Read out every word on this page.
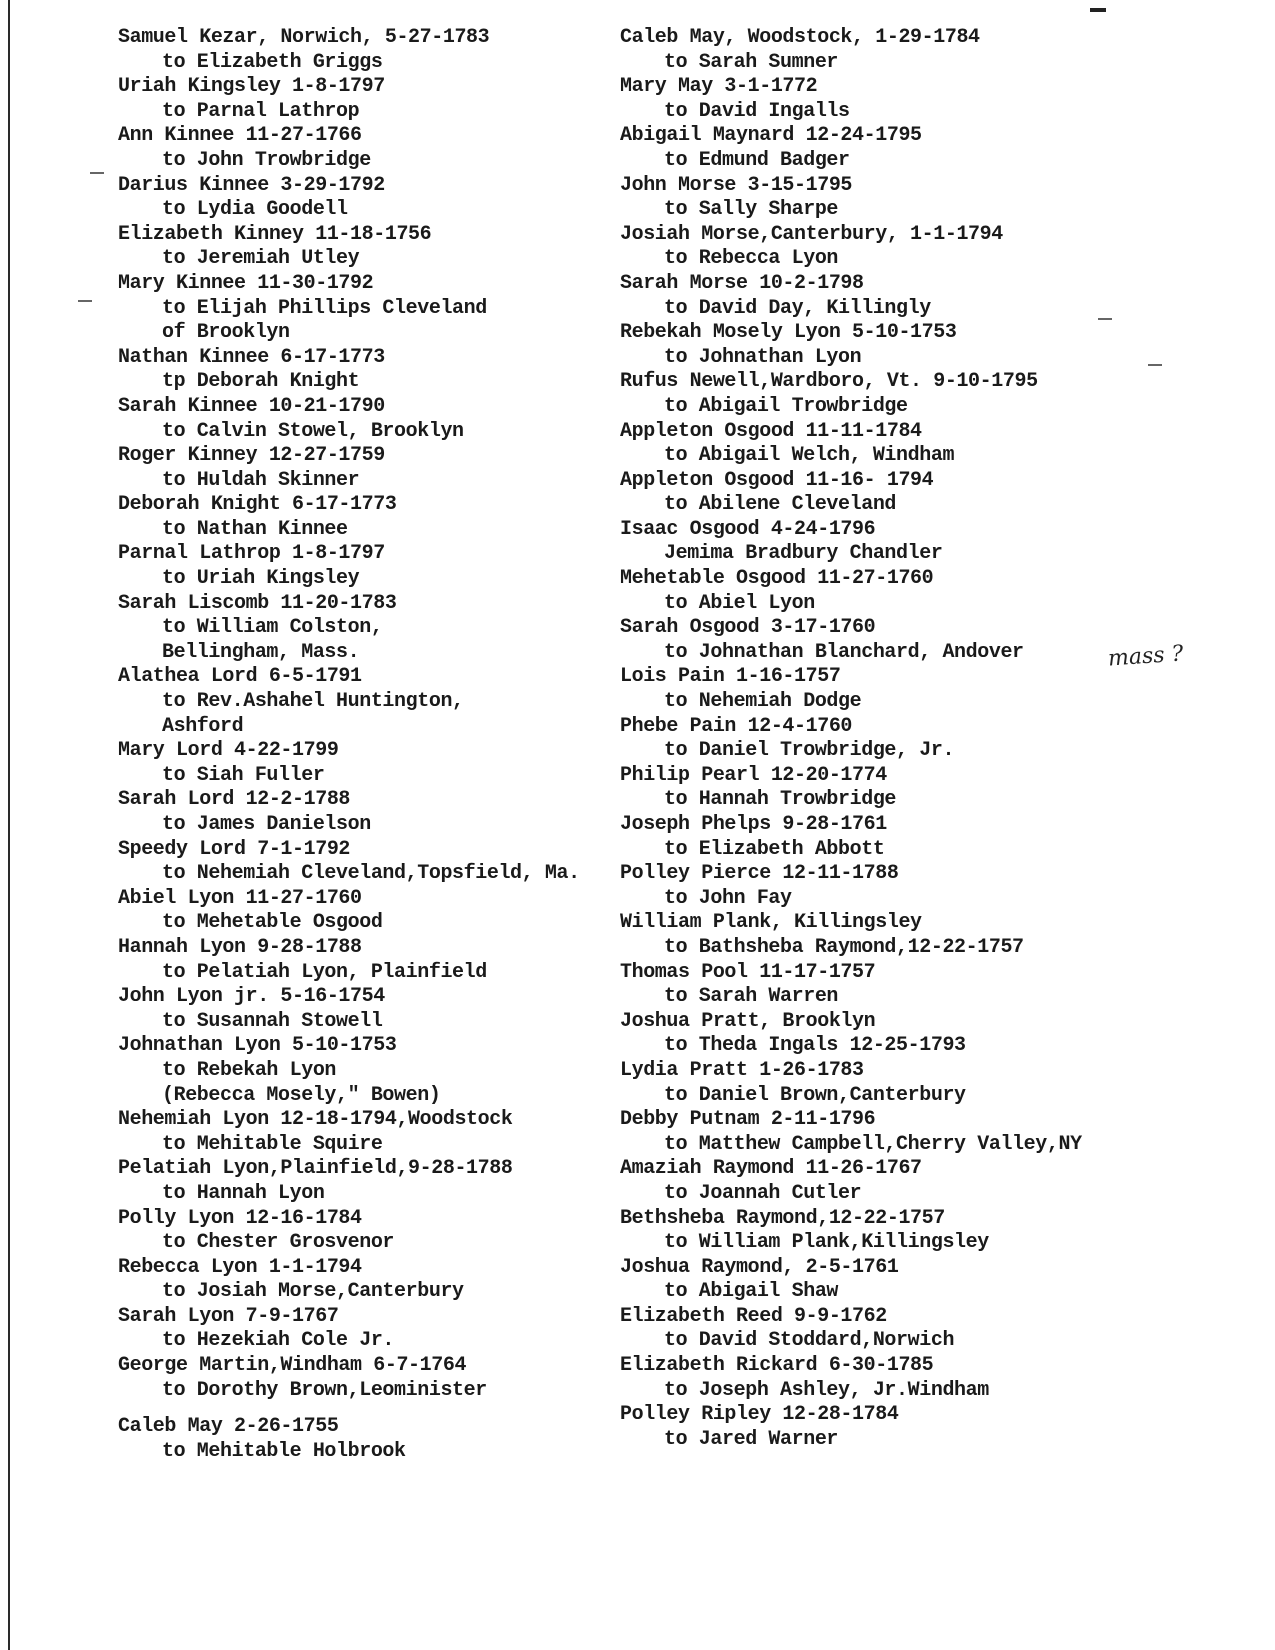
Samuel Kezar, Norwich, 5-27-1783
to Elizabeth Griggs
Uriah Kingsley 1-8-1797
to Parnal Lathrop
Ann Kinnee 11-27-1766
to John Trowbridge
Darius Kinnee 3-29-1792
to Lydia Goodell
Elizabeth Kinney 11-18-1756
to Jeremiah Utley
Mary Kinnee 11-30-1792
to Elijah Phillips Cleveland
of Brooklyn
Nathan Kinnee 6-17-1773
tp Deborah Knight
Sarah Kinnee 10-21-1790
to Calvin Stowel, Brooklyn
Roger Kinney 12-27-1759
to Huldah Skinner
Deborah Knight 6-17-1773
to Nathan Kinnee
Parnal Lathrop 1-8-1797
to Uriah Kingsley
Sarah Liscomb 11-20-1783
to William Colston,
Bellingham, Mass.
Alathea Lord 6-5-1791
to Rev.Ashahel Huntington,
Ashford
Mary Lord 4-22-1799
to Siah Fuller
Sarah Lord 12-2-1788
to James Danielson
Speedy Lord 7-1-1792
to Nehemiah Cleveland,Topsfield, Ma.
Abiel Lyon 11-27-1760
to Mehetable Osgood
Hannah Lyon 9-28-1788
to Pelatiah Lyon, Plainfield
John Lyon jr. 5-16-1754
to Susannah Stowell
Johnathan Lyon 5-10-1753
to Rebekah Lyon
(Rebecca Mosely," Bowen)
Nehemiah Lyon 12-18-1794,Woodstock
to Mehitable Squire
Pelatiah Lyon,Plainfield,9-28-1788
to Hannah Lyon
Polly Lyon 12-16-1784
to Chester Grosvenor
Rebecca Lyon 1-1-1794
to Josiah Morse,Canterbury
Sarah Lyon 7-9-1767
to Hezekiah Cole Jr.
George Martin,Windham 6-7-1764
to Dorothy Brown,Leominister
Caleb May 2-26-1755
to Mehitable Holbrook
Caleb May, Woodstock, 1-29-1784
to Sarah Sumner
Mary May 3-1-1772
to David Ingalls
Abigail Maynard 12-24-1795
to Edmund Badger
John Morse 3-15-1795
to Sally Sharpe
Josiah Morse,Canterbury, 1-1-1794
to Rebecca Lyon
Sarah Morse 10-2-1798
to David Day, Killingly
Rebekah Mosely Lyon 5-10-1753
to Johnathan Lyon
Rufus Newell,Wardboro, Vt. 9-10-1795
to Abigail Trowbridge
Appleton Osgood 11-11-1784
to Abigail Welch, Windham
Appleton Osgood 11-16- 1794
to Abilene Cleveland
Isaac Osgood 4-24-1796
Jemima Bradbury Chandler
Mehetable Osgood 11-27-1760
to Abiel Lyon
Sarah Osgood 3-17-1760
to Johnathan Blanchard, Andover
Lois Pain 1-16-1757
to Nehemiah Dodge
Phebe Pain 12-4-1760
to Daniel Trowbridge, Jr.
Philip Pearl 12-20-1774
to Hannah Trowbridge
Joseph Phelps 9-28-1761
to Elizabeth Abbott
Polley Pierce 12-11-1788
to John Fay
William Plank, Killingsley
to Bathsheba Raymond,12-22-1757
Thomas Pool 11-17-1757
to Sarah Warren
Joshua Pratt, Brooklyn
to Theda Ingals 12-25-1793
Lydia Pratt 1-26-1783
to Daniel Brown,Canterbury
Debby Putnam 2-11-1796
to Matthew Campbell,Cherry Valley,NY
Amaziah Raymond 11-26-1767
to Joannah Cutler
Bethsheba Raymond,12-22-1757
to William Plank,Killingsley
Joshua Raymond, 2-5-1761
to Abigail Shaw
Elizabeth Reed 9-9-1762
to David Stoddard,Norwich
Elizabeth Rickard 6-30-1785
to Joseph Ashley, Jr.Windham
Polley Ripley 12-28-1784
to Jared Warner
mass ?
